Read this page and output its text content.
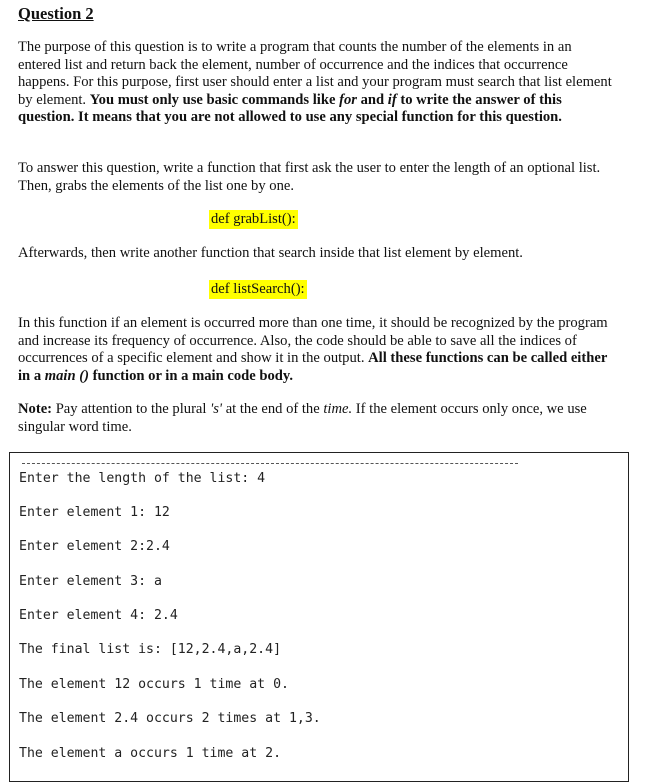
Question 2

The purpose of this question is to write a program that counts the number of the elements in an entered list and return back the element, number of occurrence and the indices that occurrence happens. For this purpose, first user should enter a list and your program must search that list element by element. You must only use basic commands like for and if to write the answer of this question. It means that you are not allowed to use any special function for this question.

To answer this question, write a function that first ask the user to enter the length of an optional list. Then, grabs the elements of the list one by one.

def grabList():

Afterwards, then write another function that search inside that list element by element.

def listSearch():

In this function if an element is occurred more than one time, it should be recognized by the program and increase its frequency of occurrence. Also, the code should be able to save all the indices of occurrences of a specific element and show it in the output. All these functions can be called either in a main () function or in a main code body.

Note: Pay attention to the plural 's' at the end of the time. If the element occurs only once, we use singular word time.

Enter the length of the list: 4
Enter element 1: 12
Enter element 2:2.4
Enter element 3: a
Enter element 4: 2.4
The final list is: [12,2.4,a,2.4]
The element 12 occurs 1 time at 0.
The element 2.4 occurs 2 times at 1,3.
The element a occurs 1 time at 2.
